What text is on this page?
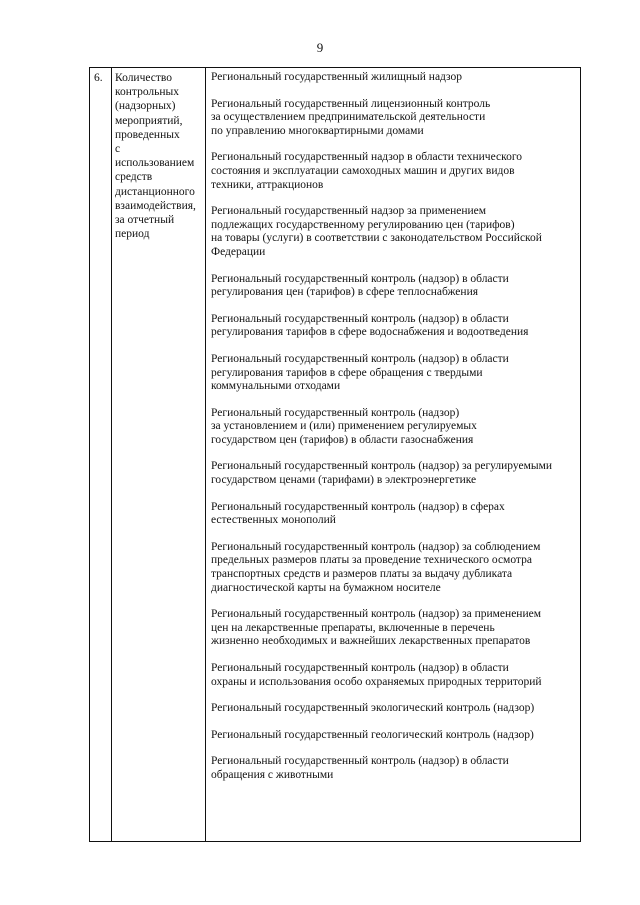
9
6.	Количество
контрольных
(надзорных)
мероприятий,
проведенных
с
использованием
средств
дистанционного
взаимодействия,
за отчетный
период
Региональный государственный жилищный надзор
Региональный государственный лицензионный контроль
за осуществлением предпринимательской деятельности
по управлению многоквартирными домами
Региональный государственный надзор в области технического
состояния и эксплуатации самоходных машин и других видов
техники, аттракционов
Региональный государственный надзор за применением
подлежащих государственному регулированию цен (тарифов)
на товары (услуги) в соответствии с законодательством Российской
Федерации
Региональный государственный контроль (надзор) в области
регулирования цен (тарифов) в сфере теплоснабжения
Региональный государственный контроль (надзор) в области
регулирования тарифов в сфере водоснабжения и водоотведения
Региональный государственный контроль (надзор) в области
регулирования тарифов в сфере обращения с твердыми
коммунальными отходами
Региональный государственный контроль (надзор)
за установлением и (или) применением регулируемых
государством цен (тарифов) в области газоснабжения
Региональный государственный контроль (надзор) за регулируемыми
государством ценами (тарифами) в электроэнергетике
Региональный государственный контроль (надзор) в сферах
естественных монополий
Региональный государственный контроль (надзор) за соблюдением
предельных размеров платы за проведение технического осмотра
транспортных средств и размеров платы за выдачу дубликата
диагностической карты на бумажном носителе
Региональный государственный контроль (надзор) за применением
цен на лекарственные препараты, включенные в перечень
жизненно необходимых и важнейших лекарственных препаратов
Региональный государственный контроль (надзор) в области
охраны и использования особо охраняемых природных территорий
Региональный государственный экологический контроль (надзор)
Региональный государственный геологический контроль (надзор)
Региональный государственный контроль (надзор) в области
обращения с животными
